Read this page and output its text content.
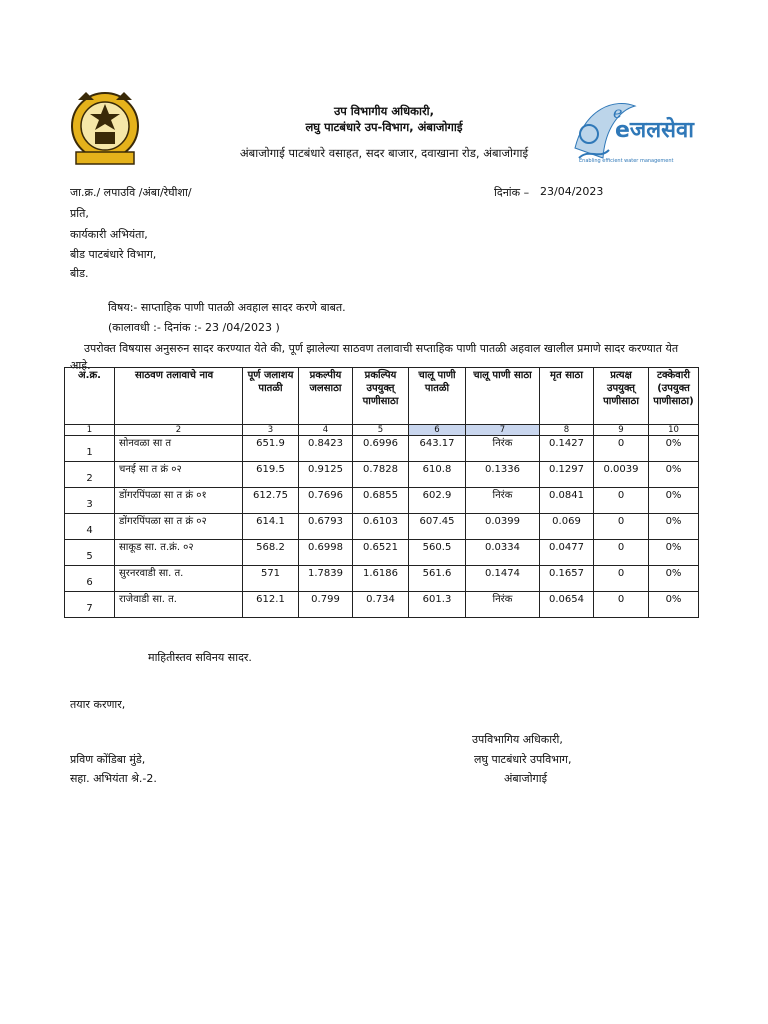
उप विभागीय अधिकारी,
लघु पाटबंधारे उप-विभाग, अंबाजोगाई
अंबाजोगाई पाटबंधारे वसाहत, सदर बाजार, दवाखाना रोड, अंबाजोगाई
e
eजलसेवा
Enabling efficient water management
जा.क्र./ लपाउवि /अंबा/रेघीशा/	दिनांक – 23/04/2023
प्रति,
कार्यकारी अभियंता,
बीड पाटबंधारे विभाग,
बीड.
विषय:- साप्ताहिक पाणी पातळी अवहाल सादर करणे बाबत.
(कालावधी :- दिनांक :- 23 /04/2023 )
उपरोक्त विषयास अनुसरुन सादर करण्यात येते की, पूर्ण झालेल्या साठवण तलावाची सप्ताहिक पाणी पातळी अहवाल खालील प्रमाणे सादर करण्यात येत आहे.
अ.क्र.	साठवण तलावाचे नाव	पूर्ण जलाशय पातळी	प्रकल्पीय जलसाठा	प्रकल्पिय उपयुक्त् पाणीसाठा	चालू पाणी पातळी	चालू पाणी साठा	मृत साठा	प्रत्यक्ष उपयुक्त् पाणीसाठा	टक्केवारी (उपयुक्त पाणीसाठा)
1	2	3	4	5	6	7	8	9	10
1	सोनवळा सा त	651.9	0.8423	0.6996	643.17	निरंक	0.1427	0	0%
2	चनई सा त क्रं ०२	619.5	0.9125	0.7828	610.8	0.1336	0.1297	0.0039	0%
3	डोंगरपिंपळा सा त क्रं ०१	612.75	0.7696	0.6855	602.9	निरंक	0.0841	0	0%
4	डोंगरपिंपळा सा त क्रं ०२	614.1	0.6793	0.6103	607.45	0.0399	0.069	0	0%
5	साकूड सा. त.क्रं. ०२	568.2	0.6998	0.6521	560.5	0.0334	0.0477	0	0%
6	सुरनरवाडी सा. त.	571	1.7839	1.6186	561.6	0.1474	0.1657	0	0%
7	राजेवाडी सा. त.	612.1	0.799	0.734	601.3	निरंक	0.0654	0	0%
माहितीस्तव सविनय सादर.
तयार करणार,
प्रविण कोंडिबा मुंडे,
सहा. अभियंता श्रे.-2.
उपविभागिय अधिकारी,
लघु पाटबंधारे उपविभाग,
अंबाजोगाई
